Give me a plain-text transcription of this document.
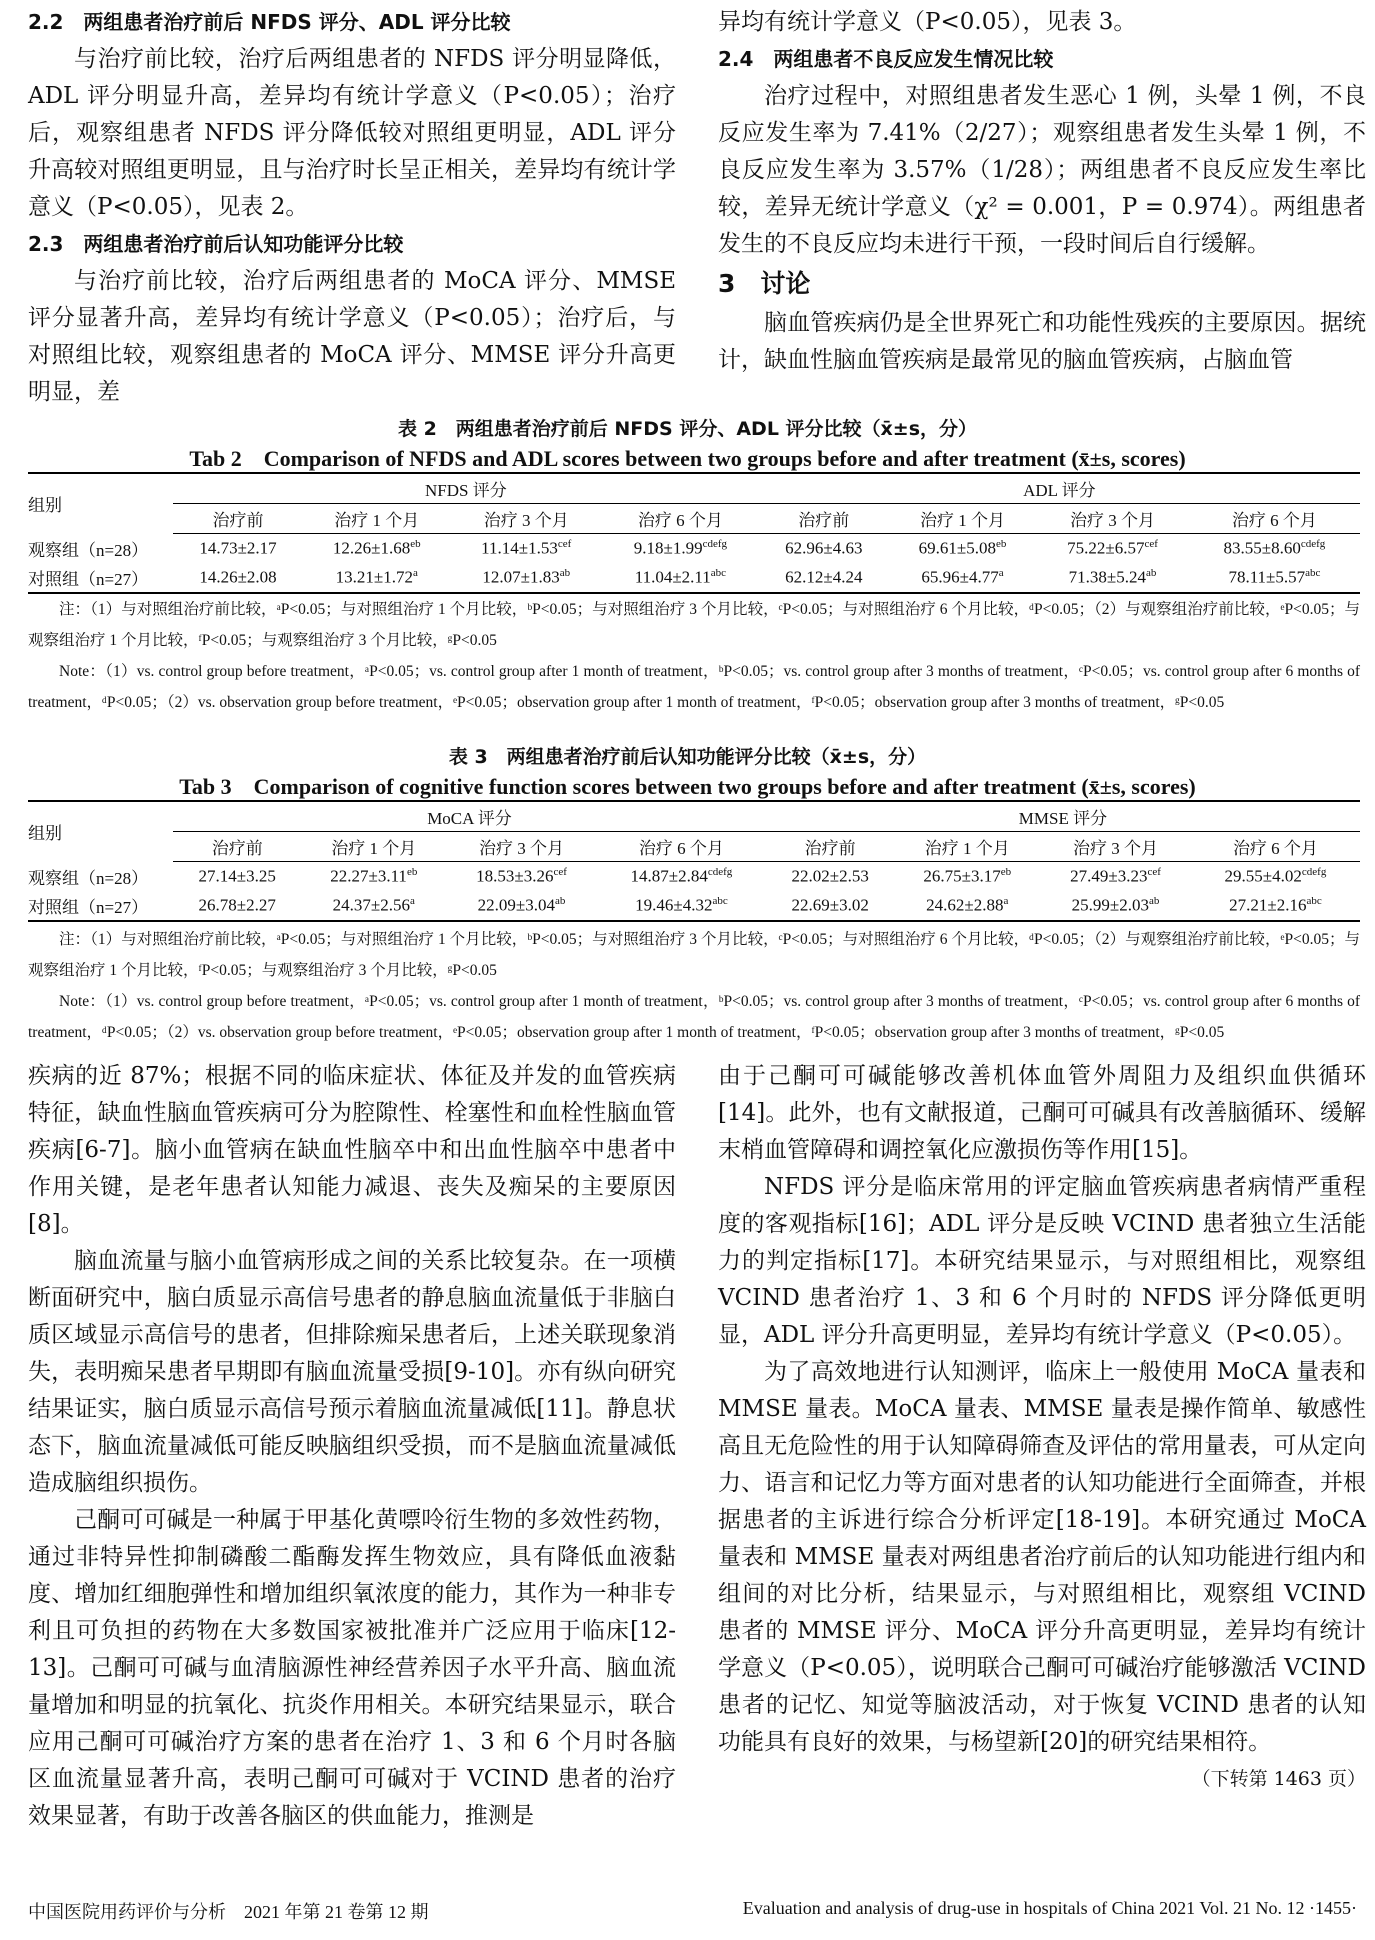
2.2　两组患者治疗前后 NFDS 评分、ADL 评分比较
与治疗前比较，治疗后两组患者的 NFDS 评分明显降低，ADL 评分明显升高，差异均有统计学意义（P<0.05）；治疗后，观察组患者 NFDS 评分降低较对照组更明显，ADL 评分升高较对照组更明显，且与治疗时长呈正相关，差异均有统计学意义（P<0.05），见表 2。
2.3　两组患者治疗前后认知功能评分比较
与治疗前比较，治疗后两组患者的 MoCA 评分、MMSE 评分显著升高，差异均有统计学意义（P<0.05）；治疗后，与对照组比较，观察组患者的 MoCA 评分、MMSE 评分升高更明显，差
异均有统计学意义（P<0.05），见表 3。
2.4　两组患者不良反应发生情况比较
治疗过程中，对照组患者发生恶心 1 例，头晕 1 例，不良反应发生率为 7.41%（2/27）；观察组患者发生头晕 1 例，不良反应发生率为 3.57%（1/28）；两组患者不良反应发生率比较，差异无统计学意义（χ² = 0.001，P = 0.974）。两组患者发生的不良反应均未进行干预，一段时间后自行缓解。
3　讨论
脑血管疾病仍是全世界死亡和功能性残疾的主要原因。据统计，缺血性脑血管疾病是最常见的脑血管疾病，占脑血管
表 2　两组患者治疗前后 NFDS 评分、ADL 评分比较（x̄±s，分）
Tab 2　Comparison of NFDS and ADL scores between two groups before and after treatment (x̄±s, scores)
组别	NFDS 评分				ADL 评分			
	治疗前	治疗 1 个月	治疗 3 个月	治疗 6 个月	治疗前	治疗 1 个月	治疗 3 个月	治疗 6 个月
观察组（n=28）	14.73±2.17	12.26±1.68$^{eb}$	11.14±1.53$^{cef}$	$9.18\pm 1.99^{cdefg}$	62.96±4.63	69.61±5.08$^{eb}$	75.22±6.57$^{cef}$	$83.55\pm 8.60^{cdefg}$
对照组（n=27）	14.26±2.08	13.21±1.72$^a$	12.07±1.83$^{ab}$	11.04±2.11$^{abc}$	62.12±4.24	65.96±4.77$^a$	71.38±5.24$^{ab}$	78.11±5.57$^{abc}$
注：（1）与对照组治疗前比较，ᵃP<0.05；与对照组治疗 1 个月比较，ᵇP<0.05；与对照组治疗 3 个月比较，ᶜP<0.05；与对照组治疗 6 个月比较，ᵈP<0.05；（2）与观察组治疗前比较，ᵉP<0.05；与观察组治疗 1 个月比较，ᶠP<0.05；与观察组治疗 3 个月比较，ᵍP<0.05
Note：（1）vs. control group before treatment，ᵃP<0.05；vs. control group after 1 month of treatment，ᵇP<0.05；vs. control group after 3 months of treatment，ᶜP<0.05；vs. control group after 6 months of treatment，ᵈP<0.05；（2）vs. observation group before treatment，ᵉP<0.05；observation group after 1 month of treatment，ᶠP<0.05；observation group after 3 months of treatment，ᵍP<0.05
表 3　两组患者治疗前后认知功能评分比较（x̄±s，分）
Tab 3　Comparison of cognitive function scores between two groups before and after treatment (x̄±s, scores)
组别	MoCA 评分				MMSE 评分			
	治疗前	治疗 1 个月	治疗 3 个月	治疗 6 个月	治疗前	治疗 1 个月	治疗 3 个月	治疗 6 个月
观察组（n=28）	27.14±3.25	22.27±3.11$^{eb}$	18.53±3.26$^{cef}$	$14.87\pm 2.84^{cdefg}$	22.02±2.53	26.75±3.17$^{eb}$	27.49±3.23$^{cef}$	$29.55\pm 4.02^{cdefg}$
对照组（n=27）	26.78±2.27	24.37±2.56$^a$	22.09±3.04$^{ab}$	19.46±4.32$^{abc}$	22.69±3.02	24.62±2.88$^a$	25.99±2.03$^{ab}$	27.21±2.16$^{abc}$
注：（1）与对照组治疗前比较，ᵃP<0.05；与对照组治疗 1 个月比较，ᵇP<0.05；与对照组治疗 3 个月比较，ᶜP<0.05；与对照组治疗 6 个月比较，ᵈP<0.05；（2）与观察组治疗前比较，ᵉP<0.05；与观察组治疗 1 个月比较，ᶠP<0.05；与观察组治疗 3 个月比较，ᵍP<0.05
Note：（1）vs. control group before treatment，ᵃP<0.05；vs. control group after 1 month of treatment，ᵇP<0.05；vs. control group after 3 months of treatment，ᶜP<0.05；vs. control group after 6 months of treatment，ᵈP<0.05；（2）vs. observation group before treatment，ᵉP<0.05；observation group after 1 month of treatment，ᶠP<0.05；observation group after 3 months of treatment，ᵍP<0.05
疾病的近 87%；根据不同的临床症状、体征及并发的血管疾病特征，缺血性脑血管疾病可分为腔隙性、栓塞性和血栓性脑血管疾病[6-7]。脑小血管病在缺血性脑卒中和出血性脑卒中患者中作用关键，是老年患者认知能力减退、丧失及痴呆的主要原因[8]。
脑血流量与脑小血管病形成之间的关系比较复杂。在一项横断面研究中，脑白质显示高信号患者的静息脑血流量低于非脑白质区域显示高信号的患者，但排除痴呆患者后，上述关联现象消失，表明痴呆患者早期即有脑血流量受损[9-10]。亦有纵向研究结果证实，脑白质显示高信号预示着脑血流量减低[11]。静息状态下，脑血流量减低可能反映脑组织受损，而不是脑血流量减低造成脑组织损伤。
己酮可可碱是一种属于甲基化黄嘌呤衍生物的多效性药物，通过非特异性抑制磷酸二酯酶发挥生物效应，具有降低血液黏度、增加红细胞弹性和增加组织氧浓度的能力，其作为一种非专利且可负担的药物在大多数国家被批准并广泛应用于临床[12-13]。己酮可可碱与血清脑源性神经营养因子水平升高、脑血流量增加和明显的抗氧化、抗炎作用相关。本研究结果显示，联合应用己酮可可碱治疗方案的患者在治疗 1、3 和 6 个月时各脑区血流量显著升高，表明己酮可可碱对于 VCIND 患者的治疗效果显著，有助于改善各脑区的供血能力，推测是
由于己酮可可碱能够改善机体血管外周阻力及组织血供循环[14]。此外，也有文献报道，己酮可可碱具有改善脑循环、缓解末梢血管障碍和调控氧化应激损伤等作用[15]。
NFDS 评分是临床常用的评定脑血管疾病患者病情严重程度的客观指标[16]；ADL 评分是反映 VCIND 患者独立生活能力的判定指标[17]。本研究结果显示，与对照组相比，观察组 VCIND 患者治疗 1、3 和 6 个月时的 NFDS 评分降低更明显，ADL 评分升高更明显，差异均有统计学意义（P<0.05）。
为了高效地进行认知测评，临床上一般使用 MoCA 量表和 MMSE 量表。MoCA 量表、MMSE 量表是操作简单、敏感性高且无危险性的用于认知障碍筛查及评估的常用量表，可从定向力、语言和记忆力等方面对患者的认知功能进行全面筛查，并根据患者的主诉进行综合分析评定[18-19]。本研究通过 MoCA 量表和 MMSE 量表对两组患者治疗前后的认知功能进行组内和组间的对比分析，结果显示，与对照组相比，观察组 VCIND 患者的 MMSE 评分、MoCA 评分升高更明显，差异均有统计学意义（P<0.05），说明联合己酮可可碱治疗能够激活 VCIND 患者的记忆、知觉等脑波活动，对于恢复 VCIND 患者的认知功能具有良好的效果，与杨望新[20]的研究结果相符。
（下转第 1463 页）
中国医院用药评价与分析　2021 年第 21 卷第 12 期	Evaluation and analysis of drug-use in hospitals of China 2021 Vol. 21 No. 12 ·1455·
